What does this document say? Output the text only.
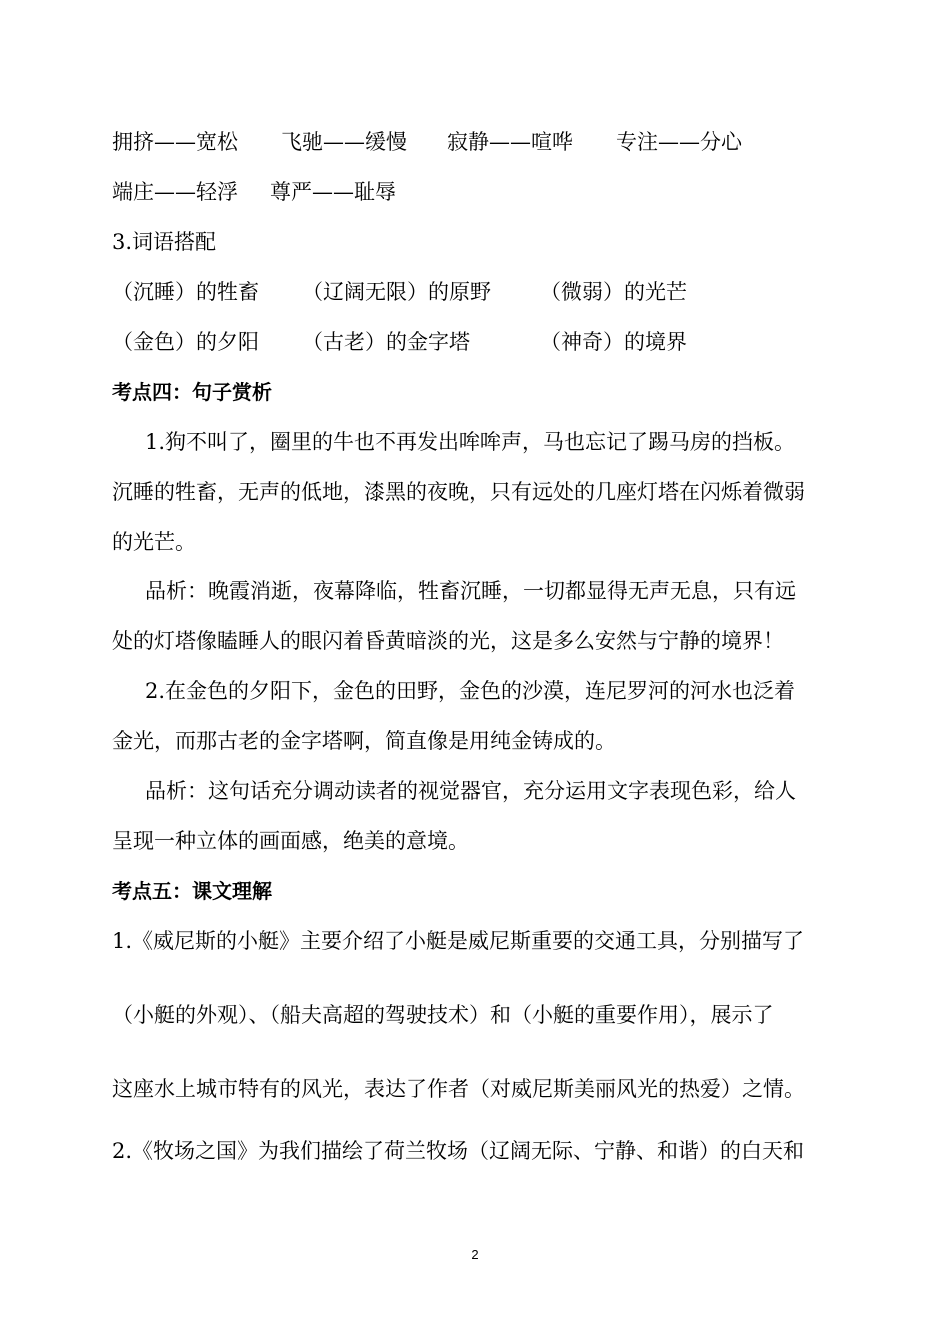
拥挤——宽松 飞驰——缓慢 寂静——喧哗 专注——分心
端庄——轻浮 尊严——耻辱
3.词语搭配
（沉睡）的牲畜 （辽阔无限）的原野 （微弱）的光芒
（金色）的夕阳 （古老）的金字塔	（神奇）的境界
考点四：句子赏析
1.狗不叫了，圈里的牛也不再发出哞哞声，马也忘记了踢马房的挡板。
沉睡的牲畜，无声的低地，漆黑的夜晚，只有远处的几座灯塔在闪烁着微弱
的光芒。
品析：晚霞消逝，夜幕降临，牲畜沉睡，一切都显得无声无息，只有远
处的灯塔像瞌睡人的眼闪着昏黄暗淡的光，这是多么安然与宁静的境界！
2.在金色的夕阳下，金色的田野，金色的沙漠，连尼罗河的河水也泛着
金光，而那古老的金字塔啊，简直像是用纯金铸成的。
品析：这句话充分调动读者的视觉器官，充分运用文字表现色彩，给人
呈现一种立体的画面感，绝美的意境。
考点五：课文理解
1.《威尼斯的小艇》主要介绍了小艇是威尼斯重要的交通工具，分别描写了
（小艇的外观）、（船夫高超的驾驶技术）和（小艇的重要作用），展示了
这座水上城市特有的风光，表达了作者（对威尼斯美丽风光的热爱）之情。
2.《牧场之国》为我们描绘了荷兰牧场（辽阔无际、宁静、和谐）的白天和
2
